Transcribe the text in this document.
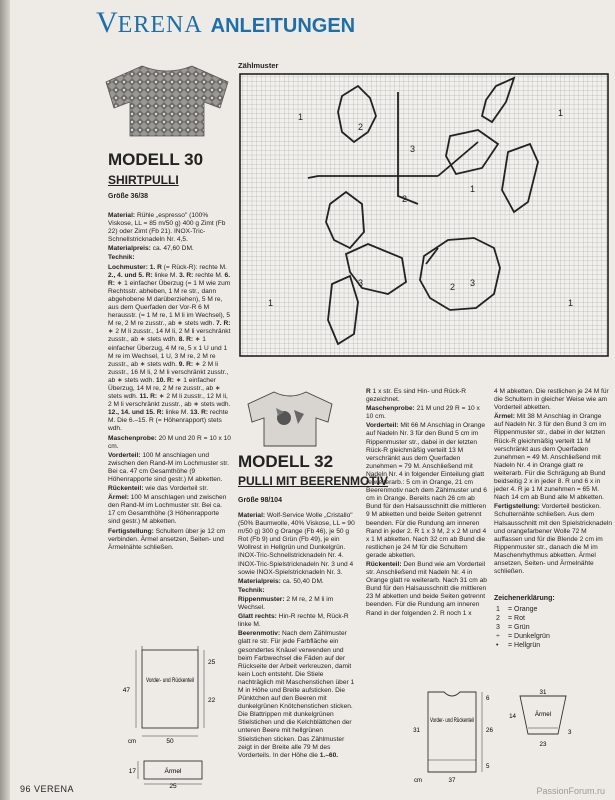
VERENA ANLEITUNGEN
MODELL 30
SHIRTPULLI
Größe 36/38
Material: Rühle „espresso" (100% Viskose, LL = 85 m/50 g) 400 g Zimt (Fb 22) oder Zimt (Fb 21). INOX-Tric-Schnellstricknadeln Nr. 4,5.
Materialpreis: ca. 47,60 DM.
Technik:
Lochmuster: 1. R (= Rück-R): rechte M. 2., 4. und 5. R: linke M. 3. R: rechte M. 6. R: ∗ 1 einfacher Überzug (= 1 M wie zum Rechtsstr. abheben, 1 M re str., dann abgehobene M darüberziehen), 5 M re, aus dem Querfaden der Vor-R 6 M herausstr. (= 1 M re, 1 M li im Wechsel), 5 M re, 2 M re zusstr., ab ∗ stets wdh. 7. R: ∗ 2 M li zusstr., 14 M li, 2 M li verschränkt zusstr., ab ∗ stets wdh. 8. R: ∗ 1 einfacher Überzug, 4 M re, 5 x 1 U und 1 M re im Wechsel, 1 U, 3 M re, 2 M re zusstr., ab ∗ stets wdh. 9. R: ∗ 2 M li zusstr., 16 M li, 2 M li verschränkt zusstr., ab ∗ stets wdh. 10. R: ∗ 1 einfacher Überzug, 14 M re, 2 M re zusstr., ab ∗ stets wdh. 11. R: ∗ 2 M li zusstr., 12 M li, 2 M li verschränkt zusstr., ab ∗ stets wdh. 12., 14. und 15. R: linke M. 13. R: rechte M. Die 6.–15. R (= Höhenrapport) stets wdh.
Maschenprobe: 20 M und 20 R = 10 x 10 cm.
Vorderteil: 100 M anschlagen und zwischen den Rand-M im Lochmuster str. Bei ca. 47 cm Gesamthöhe (9 Höhenrapporte sind gestr.) M abketten.
Rückenteil: wie das Vorderteil str.
Ärmel: 100 M anschlagen und zwischen den Rand-M im Lochmuster str. Bei ca. 17 cm Gesamthöhe (3 Höhenrapporte sind gestr.) M abketten.
Fertigstellung: Schultern über je 12 cm verbinden. Ärmel ansetzen, Seiten- und Ärmelnähte schließen.
Vorder- und Rückenteil
47
25
22
50
cm
Ärmel
17
25
Zählmuster
1	1
1
1	1
2
3
3	3
2
2
MODELL 32
PULLI MIT BEERENMOTIV
Größe 98/104
Material: Wolf-Service Wolle „Cristallo" (50% Baumwolle, 40% Viskose, LL = 90 m/50 g) 300 g Orange (Fb 46), je 50 g Rot (Fb 9) und Grün (Fb 49), je ein Wollrest in Hellgrün und Dunkelgrün. INOX-Tric-Schnellstricknadeln Nr. 4. INOX-Tric-Spielstricknadeln Nr. 3 und 4 sowie INOX-Spielstricknadeln Nr. 3.
Materialpreis: ca. 50,40 DM.
Technik:
Rippenmuster: 2 M re, 2 M li im Wechsel.
Glatt rechts: Hin-R rechte M, Rück-R linke M.
Beerenmotiv: Nach dem Zählmuster glatt re str. Für jede Farbfläche ein gesondertes Knäuel verwenden und beim Farbwechsel die Fäden auf der Rückseite der Arbeit verkreuzen, damit kein Loch entsteht. Die Stiele nachträglich mit Maschenstichen über 1 M in Höhe und Breite aufsticken. Die Pünktchen auf den Beeren mit dunkelgrünen Knötchenstichen sticken. Die Blattrippen mit dunkelgrünen Stielstichen und die Kelchblättchen der unteren Beere mit hellgrünen Stielstichen sticken. Das Zählmuster zeigt in der Breite alle 79 M des Vorderteils. In der Höhe die 1.–60.
R 1 x str. Es sind Hin- und Rück-R gezeichnet.
Maschenprobe: 21 M und 29 R = 10 x 10 cm.
Vorderteil: Mit 66 M Anschlag in Orange auf Nadeln Nr. 3 für den Bund 5 cm im Rippenmuster str., dabei in der letzten Rück-R gleichmäßig verteilt 13 M verschränkt aus dem Querfaden zunehmen = 79 M. Anschließend mit Nadeln Nr. 4 in folgender Einteilung glatt re weiterarb.: 5 cm in Orange, 21 cm Beerenmotiv nach dem Zählmuster und 6 cm in Orange. Bereits nach 26 cm ab Bund für den Halsausschnitt die mittleren 9 M abketten und beide Seiten getrennt beenden. Für die Rundung am inneren Rand in jeder 2. R 1 x 3 M, 2 x 2 M und 4 x 1 M abketten. Nach 32 cm ab Bund die restlichen je 24 M für die Schultern gerade abketten.
Rückenteil: Den Bund wie am Vorderteil str. Anschließend mit Nadeln Nr. 4 in Orange glatt re weiterarb. Nach 31 cm ab Bund für den Halsausschnitt die mittleren 23 M abketten und beide Seiten getrennt beenden. Für die Rundung am inneren Rand in der folgenden 2. R noch 1 x
4 M abketten. Die restlichen je 24 M für die Schultern in gleicher Weise wie am Vorderteil abketten.
Ärmel: Mit 38 M Anschlag in Orange auf Nadeln Nr. 3 für den Bund 3 cm im Rippenmuster str., dabei in der letzten Rück-R gleichmäßig verteilt 11 M verschränkt aus dem Querfaden zunehmen = 49 M. Anschließend mit Nadeln Nr. 4 in Orange glatt re weiterarb. Für die Schrägung ab Bund beidseitig 2 x in jeder 8. R und 6 x in jeder 4. R je 1 M zunehmen = 65 M. Nach 14 cm ab Bund alle M abketten.
Fertigstellung: Vorderteil besticken. Schulternähte schließen. Aus dem Halsausschnitt mit den Spielstricknadeln und orangefarbener Wolle 72 M auffassen und für die Blende 2 cm im Rippenmuster str., danach die M im Maschenrhythmus abketten. Ärmel ansetzen, Seiten- und Ärmelnähte schließen.
Zeichenerklärung:
1 = Orange
2 = Rot
3 = Grün
÷ = Dunkelgrün
• = Hellgrün
Vorder- und Rückenteil
6
26
31
5
37
cm
Ärmel
31
14
3
23
96 VERENA	PassionForum.ru
